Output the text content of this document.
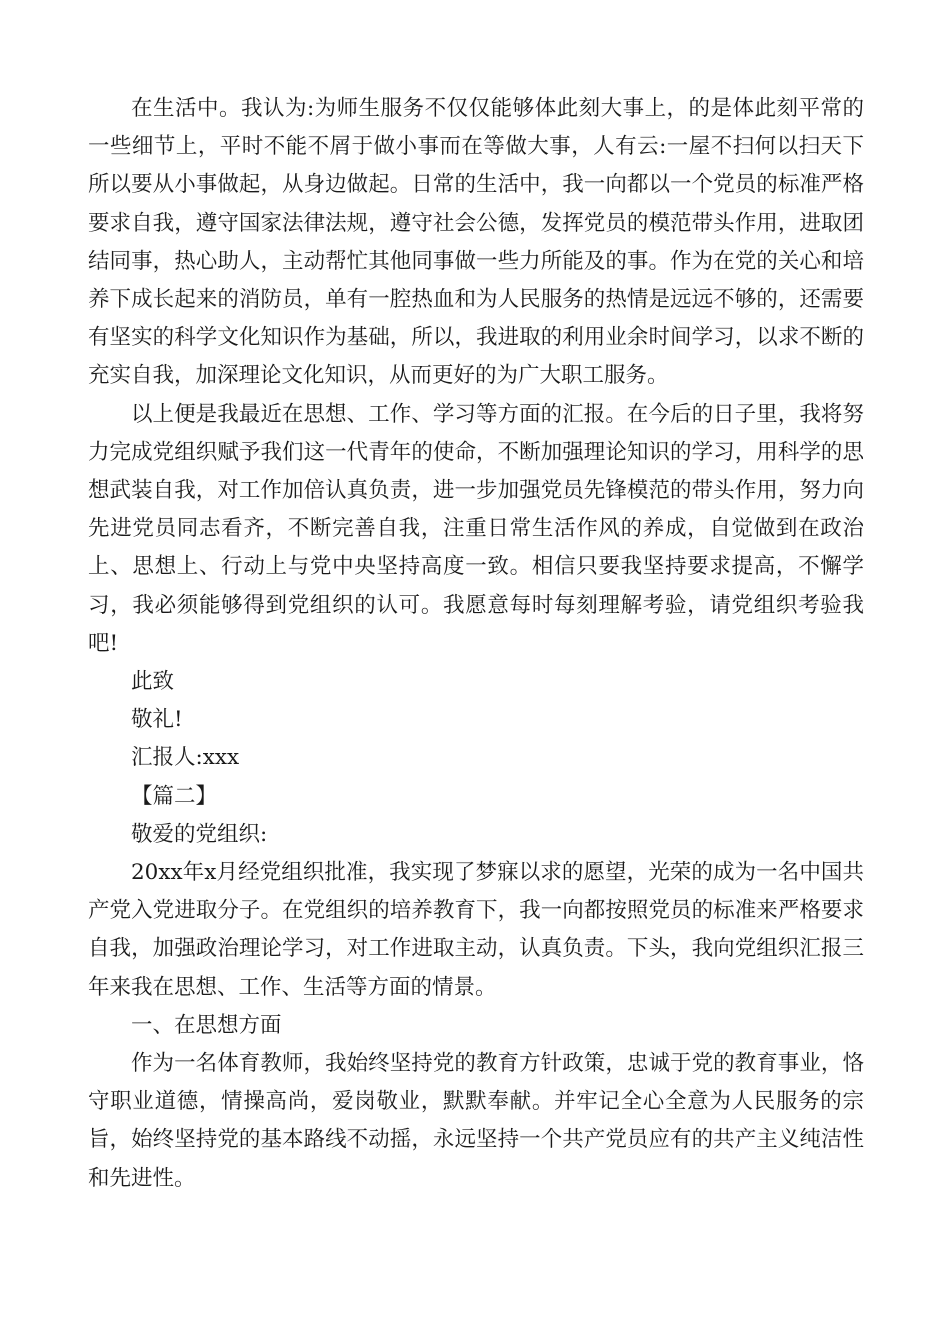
在生活中。我认为:为师生服务不仅仅能够体此刻大事上，的是体此刻平常的一些细节上，平时不能不屑于做小事而在等做大事，人有云:一屋不扫何以扫天下所以要从小事做起，从身边做起。日常的生活中，我一向都以一个党员的标准严格要求自我，遵守国家法律法规，遵守社会公德，发挥党员的模范带头作用，进取团结同事，热心助人，主动帮忙其他同事做一些力所能及的事。作为在党的关心和培养下成长起来的消防员，单有一腔热血和为人民服务的热情是远远不够的，还需要有坚实的科学文化知识作为基础，所以，我进取的利用业余时间学习，以求不断的充实自我，加深理论文化知识，从而更好的为广大职工服务。

以上便是我最近在思想、工作、学习等方面的汇报。在今后的日子里，我将努力完成党组织赋予我们这一代青年的使命，不断加强理论知识的学习，用科学的思想武装自我，对工作加倍认真负责，进一步加强党员先锋模范的带头作用，努力向先进党员同志看齐，不断完善自我，注重日常生活作风的养成，自觉做到在政治上、思想上、行动上与党中央坚持高度一致。相信只要我坚持要求提高，不懈学习，我必须能够得到党组织的认可。我愿意每时每刻理解考验，请党组织考验我吧!

此致

敬礼!

汇报人:xxx

【篇二】

敬爱的党组织:

20xx年x月经党组织批准，我实现了梦寐以求的愿望，光荣的成为一名中国共产党入党进取分子。在党组织的培养教育下，我一向都按照党员的标准来严格要求自我，加强政治理论学习，对工作进取主动，认真负责。下头，我向党组织汇报三年来我在思想、工作、生活等方面的情景。

一、在思想方面

作为一名体育教师，我始终坚持党的教育方针政策，忠诚于党的教育事业，恪守职业道德，情操高尚，爱岗敬业，默默奉献。并牢记全心全意为人民服务的宗旨，始终坚持党的基本路线不动摇，永远坚持一个共产党员应有的共产主义纯洁性和先进性。
